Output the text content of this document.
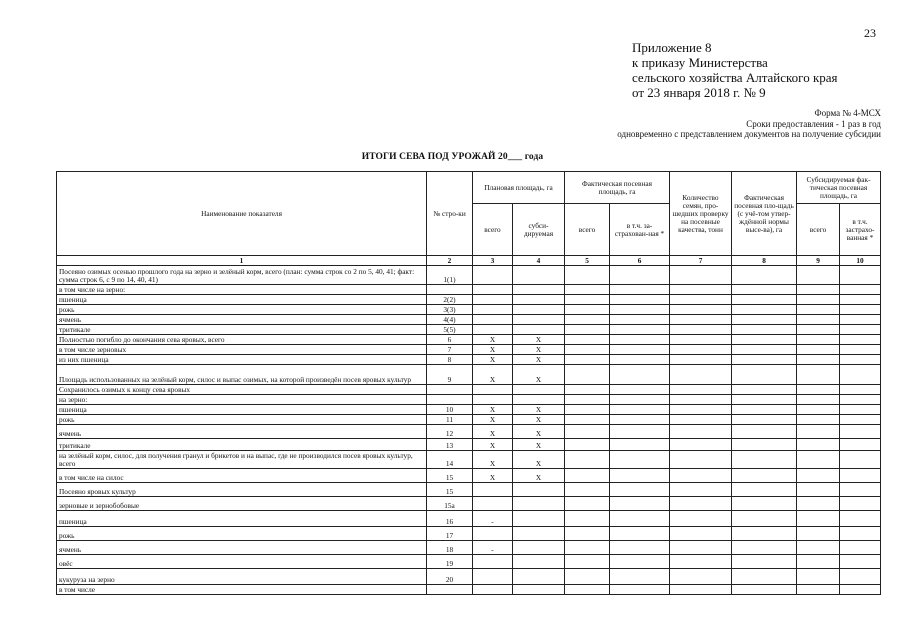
23
Приложение 8
к приказу Министерства
сельского хозяйства Алтайского края
от 23 января 2018 г. № 9
Форма № 4-МСХ
Сроки предоставления - 1 раз в год
одновременно с представлением документов на получение субсидии
ИТОГИ СЕВА ПОД УРОЖАЙ 20___ года
Наименование показателя	№ стро-ки	Плановая площадь, га		Фактическая посевная площадь, га		Количество семян, про-шедших проверку на посевные качества, тонн	Фактическая посевная пло-щадь (с учё-том утвер-ждённой нормы высе-ва), га	Субсидируемая фак-тическая посевная площадь, га	
		всего	субси-дируемая	всего	в т.ч. за-страхован-ная *			всего	в т.ч. застрахо-ванная *
1	2	3	4	5	6	7	8	9	10
Посеяно озимых осенью прошлого года на зерно и зелёный корм, всего (план: сумма строк со 2 по 5, 40, 41; факт: сумма строк 6, с 9 по 14, 40, 41)	1(1)								
в том числе на зерно:									
пшеница	2(2)								
рожь	3(3)								
ячмень	4(4)								
тритикале	5(5)								
Полностью погибло до окончания сева яровых, всего	6	X	X						
в том числе зерновых	7	X	X						
из них пшеница	8	X	X						
Площадь использованных на зелёный корм, силос и выпас озимых, на которой произведён посев яровых культур	9	X	X						
Сохранилось озимых к концу сева яровых									
на зерно:									
пшеница	10	X	X						
рожь	11	X	X						
ячмень	12	X	X						
тритикале	13	X	X						
на зелёный корм, силос, для получения гранул и брикетов и на выпас, где не производился посев яровых культур, всего	14	X	X						
в том числе на силос	15	X	X						
Посеяно яровых культур	15								
зерновые и зернобобовые	15а								
пшеница	16	-							
рожь	17								
ячмень	18	-							
овёс	19								
кукуруза на зерно	20								
в том числе									
